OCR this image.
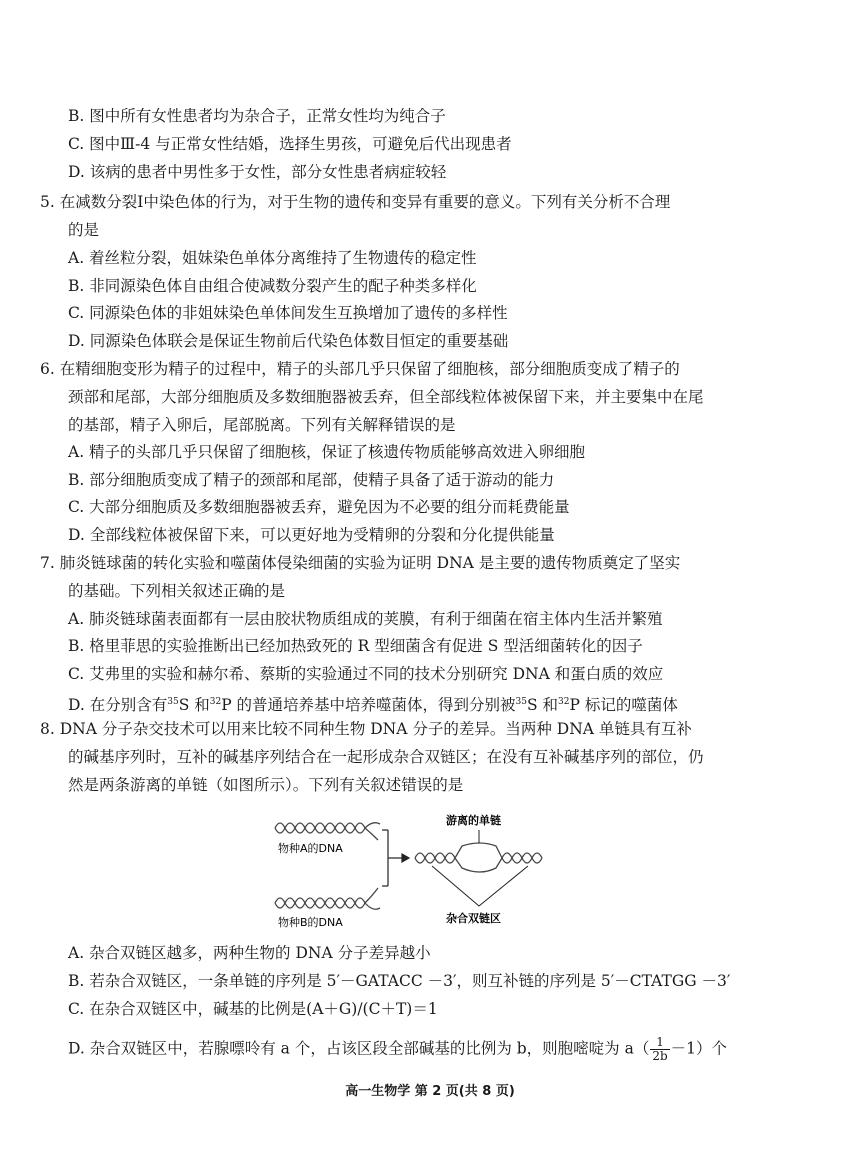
B. 图中所有女性患者均为杂合子，正常女性均为纯合子
C. 图中Ⅲ-4 与正常女性结婚，选择生男孩，可避免后代出现患者
D. 该病的患者中男性多于女性，部分女性患者病症较轻
5. 在减数分裂Ⅰ中染色体的行为，对于生物的遗传和变异有重要的意义。下列有关分析不合理
的是
A. 着丝粒分裂，姐妹染色单体分离维持了生物遗传的稳定性
B. 非同源染色体自由组合使减数分裂产生的配子种类多样化
C. 同源染色体的非姐妹染色单体间发生互换增加了遗传的多样性
D. 同源染色体联会是保证生物前后代染色体数目恒定的重要基础
6. 在精细胞变形为精子的过程中，精子的头部几乎只保留了细胞核，部分细胞质变成了精子的
颈部和尾部，大部分细胞质及多数细胞器被丢弃，但全部线粒体被保留下来，并主要集中在尾
的基部，精子入卵后，尾部脱离。下列有关解释错误的是
A. 精子的头部几乎只保留了细胞核，保证了核遗传物质能够高效进入卵细胞
B. 部分细胞质变成了精子的颈部和尾部，使精子具备了适于游动的能力
C. 大部分细胞质及多数细胞器被丢弃，避免因为不必要的组分而耗费能量
D. 全部线粒体被保留下来，可以更好地为受精卵的分裂和分化提供能量
7. 肺炎链球菌的转化实验和噬菌体侵染细菌的实验为证明 DNA 是主要的遗传物质奠定了坚实
的基础。下列相关叙述正确的是
A. 肺炎链球菌表面都有一层由胶状物质组成的荚膜，有利于细菌在宿主体内生活并繁殖
B. 格里菲思的实验推断出已经加热致死的 R 型细菌含有促进 S 型活细菌转化的因子
C. 艾弗里的实验和赫尔希、蔡斯的实验通过不同的技术分别研究 DNA 和蛋白质的效应
D. 在分别含有$^{35}$S 和$^{32}$P 的普通培养基中培养噬菌体，得到分别被$^{35}$S 和$^{32}$P 标记的噬菌体
8. DNA 分子杂交技术可以用来比较不同种生物 DNA 分子的差异。当两种 DNA 单链具有互补
的碱基序列时，互补的碱基序列结合在一起形成杂合双链区；在没有互补碱基序列的部位，仍
然是两条游离的单链（如图所示）。下列有关叙述错误的是
物种A的DNA
物种B的DNA
游离的单链
杂合双链区
A. 杂合双链区越多，两种生物的 DNA 分子差异越小
B. 若杂合双链区，一条单链的序列是 5′－GATACC －3′，则互补链的序列是 5′－CTATGG －3′
C. 在杂合双链区中，碱基的比例是(A＋G)/(C＋T)＝1
D. 杂合双链区中，若腺嘌呤有 a 个，占该区段全部碱基的比例为 b，则胞嘧啶为 $a( \frac{1}{2b} -1)$个
高一生物学 第 2 页(共 8 页)
